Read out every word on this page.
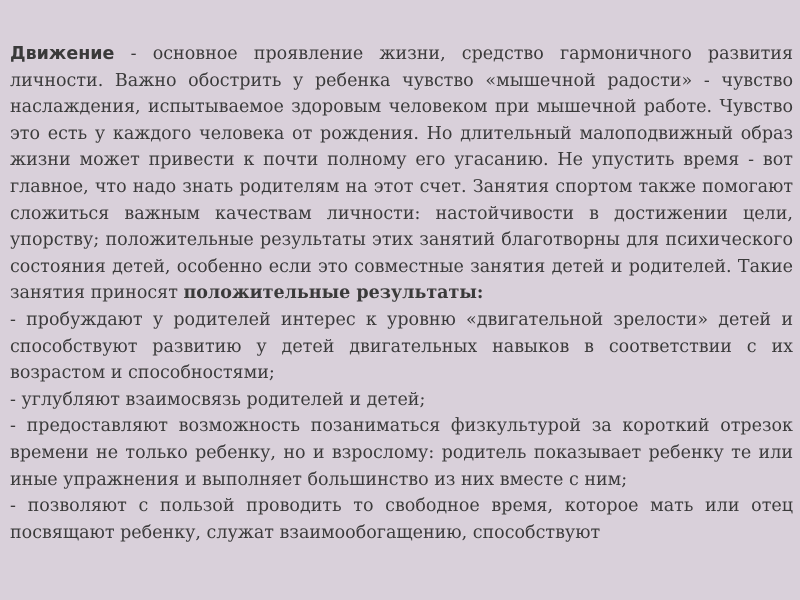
Движение - основное проявление жизни, средство гармоничного развития личности. Важно обострить у ребенка чувство «мышечной радости» - чувство наслаждения, испытываемое здоровым человеком при мышечной работе. Чувство это есть у каждого человека от рождения. Но длительный малоподвижный образ жизни может привести к почти полному его угасанию. Не упустить время - вот главное, что надо знать родителям на этот счет. Занятия спортом также помогают сложиться важным качествам личности: настойчивости в достижении цели, упорству; положительные результаты этих занятий благотворны для психического состояния детей, особенно если это совместные занятия детей и родителей. Такие занятия приносят положительные результаты:

- пробуждают у родителей интерес к уровню «двигательной зрелости» детей и способствуют развитию у детей двигательных навыков в соответствии с их возрастом и способностями;

- углубляют взаимосвязь родителей и детей;

- предоставляют возможность позаниматься физкультурой за короткий отрезок времени не только ребенку, но и взрослому: родитель показывает ребенку те или иные упражнения и выполняет большинство из них вместе с ним;

- позволяют с пользой проводить то свободное время, которое мать или отец посвящают ребенку, служат взаимообогащению, способствуют
